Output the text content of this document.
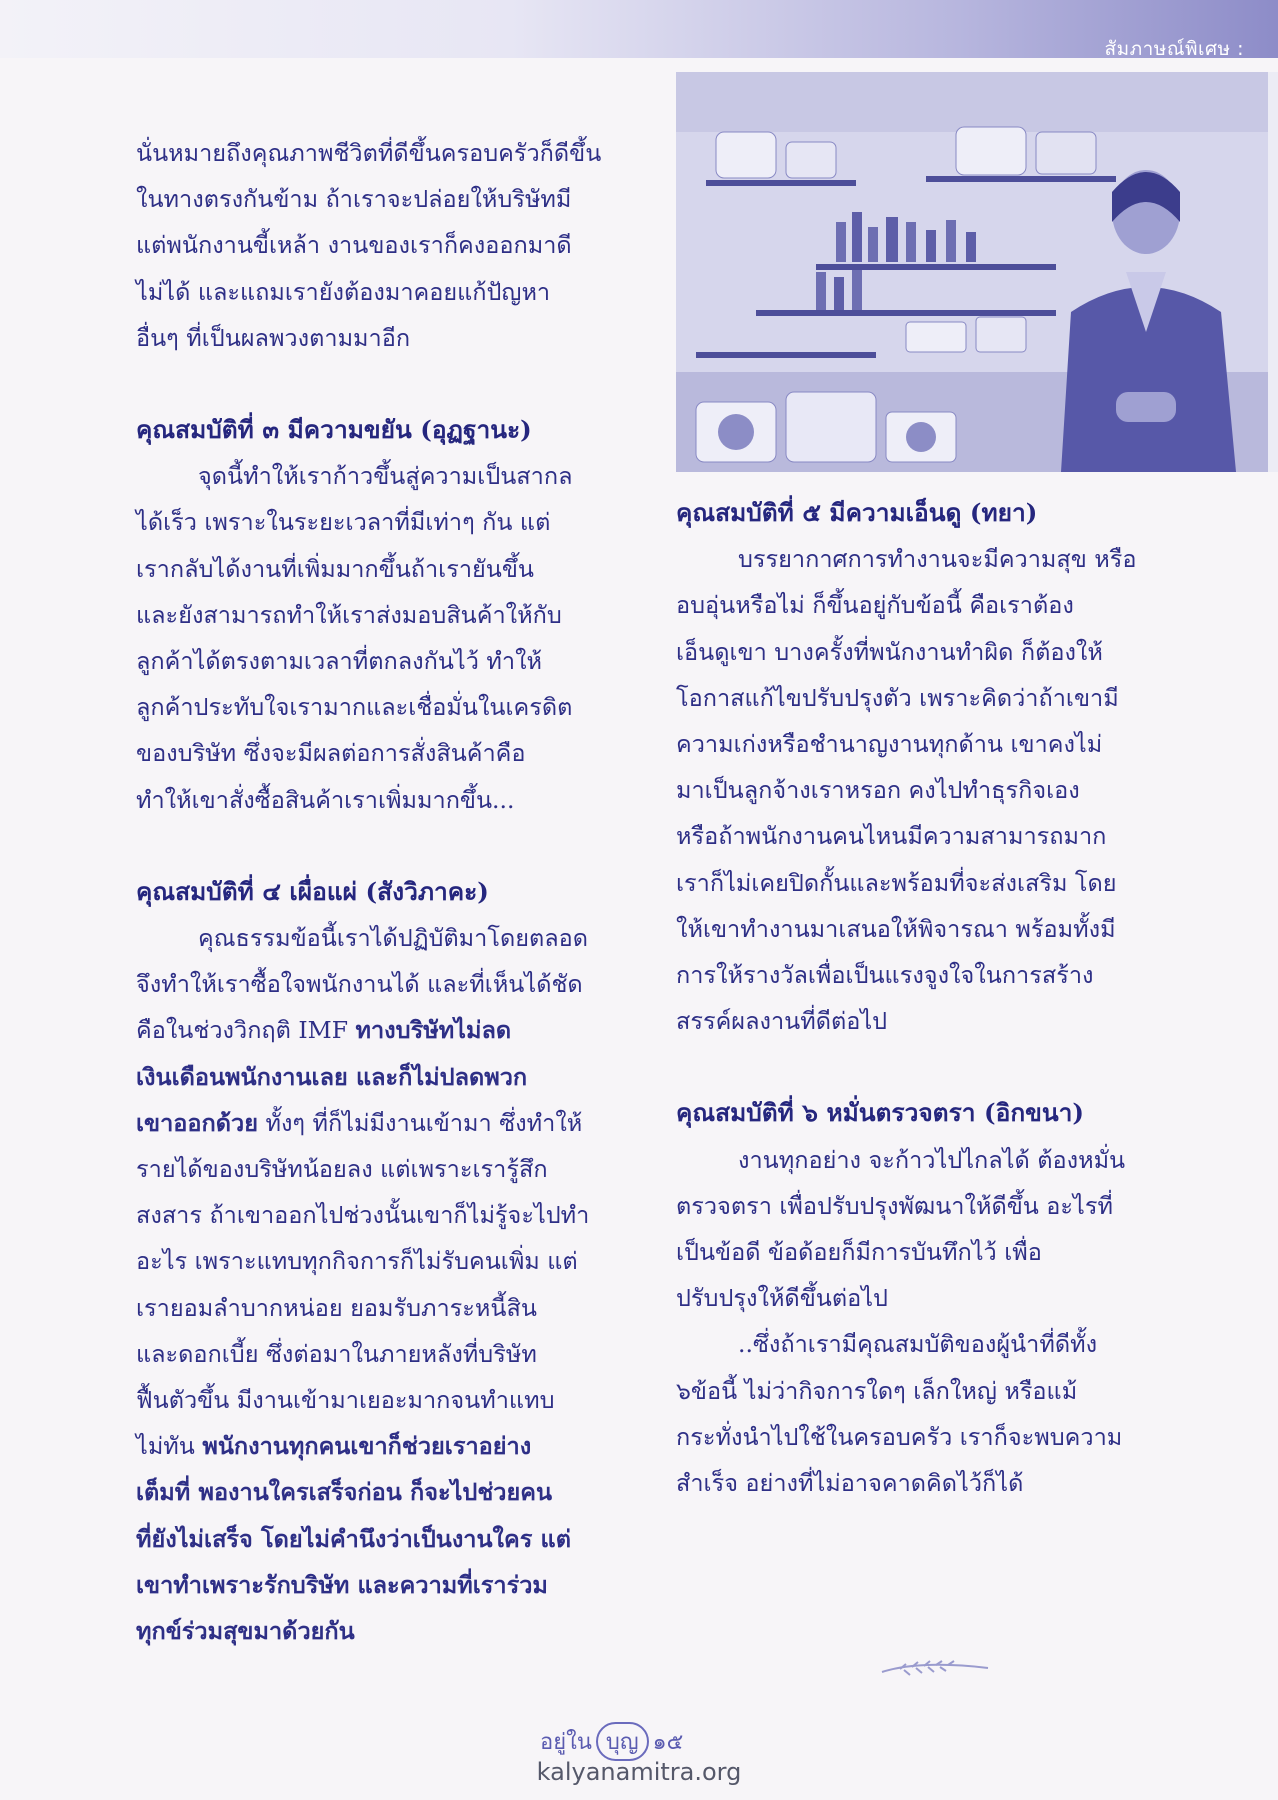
สัมภาษณ์พิเศษ :
นั่นหมายถึงคุณภาพชีวิตที่ดีขึ้นครอบครัวก็ดีขึ้น
ในทางตรงกันข้าม ถ้าเราจะปล่อยให้บริษัทมี
แต่พนักงานขี้เหล้า งานของเราก็คงออกมาดี
ไม่ได้ และแถมเรายังต้องมาคอยแก้ปัญหา
อื่นๆ ที่เป็นผลพวงตามมาอีก
คุณสมบัติที่ ๓ มีความขยัน (อุฏฐานะ)
จุดนี้ทำให้เราก้าวขึ้นสู่ความเป็นสากล
ได้เร็ว เพราะในระยะเวลาที่มีเท่าๆ กัน แต่
เรากลับได้งานที่เพิ่มมากขึ้นถ้าเรายันขึ้น
และยังสามารถทำให้เราส่งมอบสินค้าให้กับ
ลูกค้าได้ตรงตามเวลาที่ตกลงกันไว้ ทำให้
ลูกค้าประทับใจเรามากและเชื่อมั่นในเครดิต
ของบริษัท ซึ่งจะมีผลต่อการสั่งสินค้าคือ
ทำให้เขาสั่งซื้อสินค้าเราเพิ่มมากขึ้น...
คุณสมบัติที่ ๔ เผื่อแผ่ (สังวิภาคะ)
คุณธรรมข้อนี้เราได้ปฏิบัติมาโดยตลอด
จึงทำให้เราซื้อใจพนักงานได้ และที่เห็นได้ชัด
คือในช่วงวิกฤติ IMF ทางบริษัทไม่ลด
เงินเดือนพนักงานเลย และก็ไม่ปลดพวก
เขาออกด้วย ทั้งๆ ที่ก็ไม่มีงานเข้ามา ซึ่งทำให้
รายได้ของบริษัทน้อยลง แต่เพราะเรารู้สึก
สงสาร ถ้าเขาออกไปช่วงนั้นเขาก็ไม่รู้จะไปทำ
อะไร เพราะแทบทุกกิจการก็ไม่รับคนเพิ่ม แต่
เรายอมลำบากหน่อย ยอมรับภาระหนี้สิน
และดอกเบี้ย ซึ่งต่อมาในภายหลังที่บริษัท
ฟื้นตัวขึ้น มีงานเข้ามาเยอะมากจนทำแทบ
ไม่ทัน พนักงานทุกคนเขาก็ช่วยเราอย่าง
เต็มที่ พองานใครเสร็จก่อน ก็จะไปช่วยคน
ที่ยังไม่เสร็จ โดยไม่คำนึงว่าเป็นงานใคร แต่
เขาทำเพราะรักบริษัท และความที่เราร่วม
ทุกข์ร่วมสุขมาด้วยกัน
คุณสมบัติที่ ๕ มีความเอ็นดู (ทยา)
บรรยากาศการทำงานจะมีความสุข หรือ
อบอุ่นหรือไม่ ก็ขึ้นอยู่กับข้อนี้ คือเราต้อง
เอ็นดูเขา บางครั้งที่พนักงานทำผิด ก็ต้องให้
โอกาสแก้ไขปรับปรุงตัว เพราะคิดว่าถ้าเขามี
ความเก่งหรือชำนาญงานทุกด้าน เขาคงไม่
มาเป็นลูกจ้างเราหรอก คงไปทำธุรกิจเอง
หรือถ้าพนักงานคนไหนมีความสามารถมาก
เราก็ไม่เคยปิดกั้นและพร้อมที่จะส่งเสริม โดย
ให้เขาทำงานมาเสนอให้พิจารณา พร้อมทั้งมี
การให้รางวัลเพื่อเป็นแรงจูงใจในการสร้าง
สรรค์ผลงานที่ดีต่อไป
คุณสมบัติที่ ๖ หมั่นตรวจตรา (อิกขนา)
งานทุกอย่าง จะก้าวไปไกลได้ ต้องหมั่น
ตรวจตรา เพื่อปรับปรุงพัฒนาให้ดีขึ้น อะไรที่
เป็นข้อดี ข้อด้อยก็มีการบันทึกไว้ เพื่อ
ปรับปรุงให้ดีขึ้นต่อไป
..ซึ่งถ้าเรามีคุณสมบัติของผู้นำที่ดีทั้ง
๖ข้อนี้ ไม่ว่ากิจการใดๆ เล็กใหญ่ หรือแม้
กระทั่งนำไปใช้ในครอบครัว เราก็จะพบความ
สำเร็จ อย่างที่ไม่อาจคาดคิดไว้ก็ได้
อยู่ใน บุญ ๑๕
kalyanamitra.org
